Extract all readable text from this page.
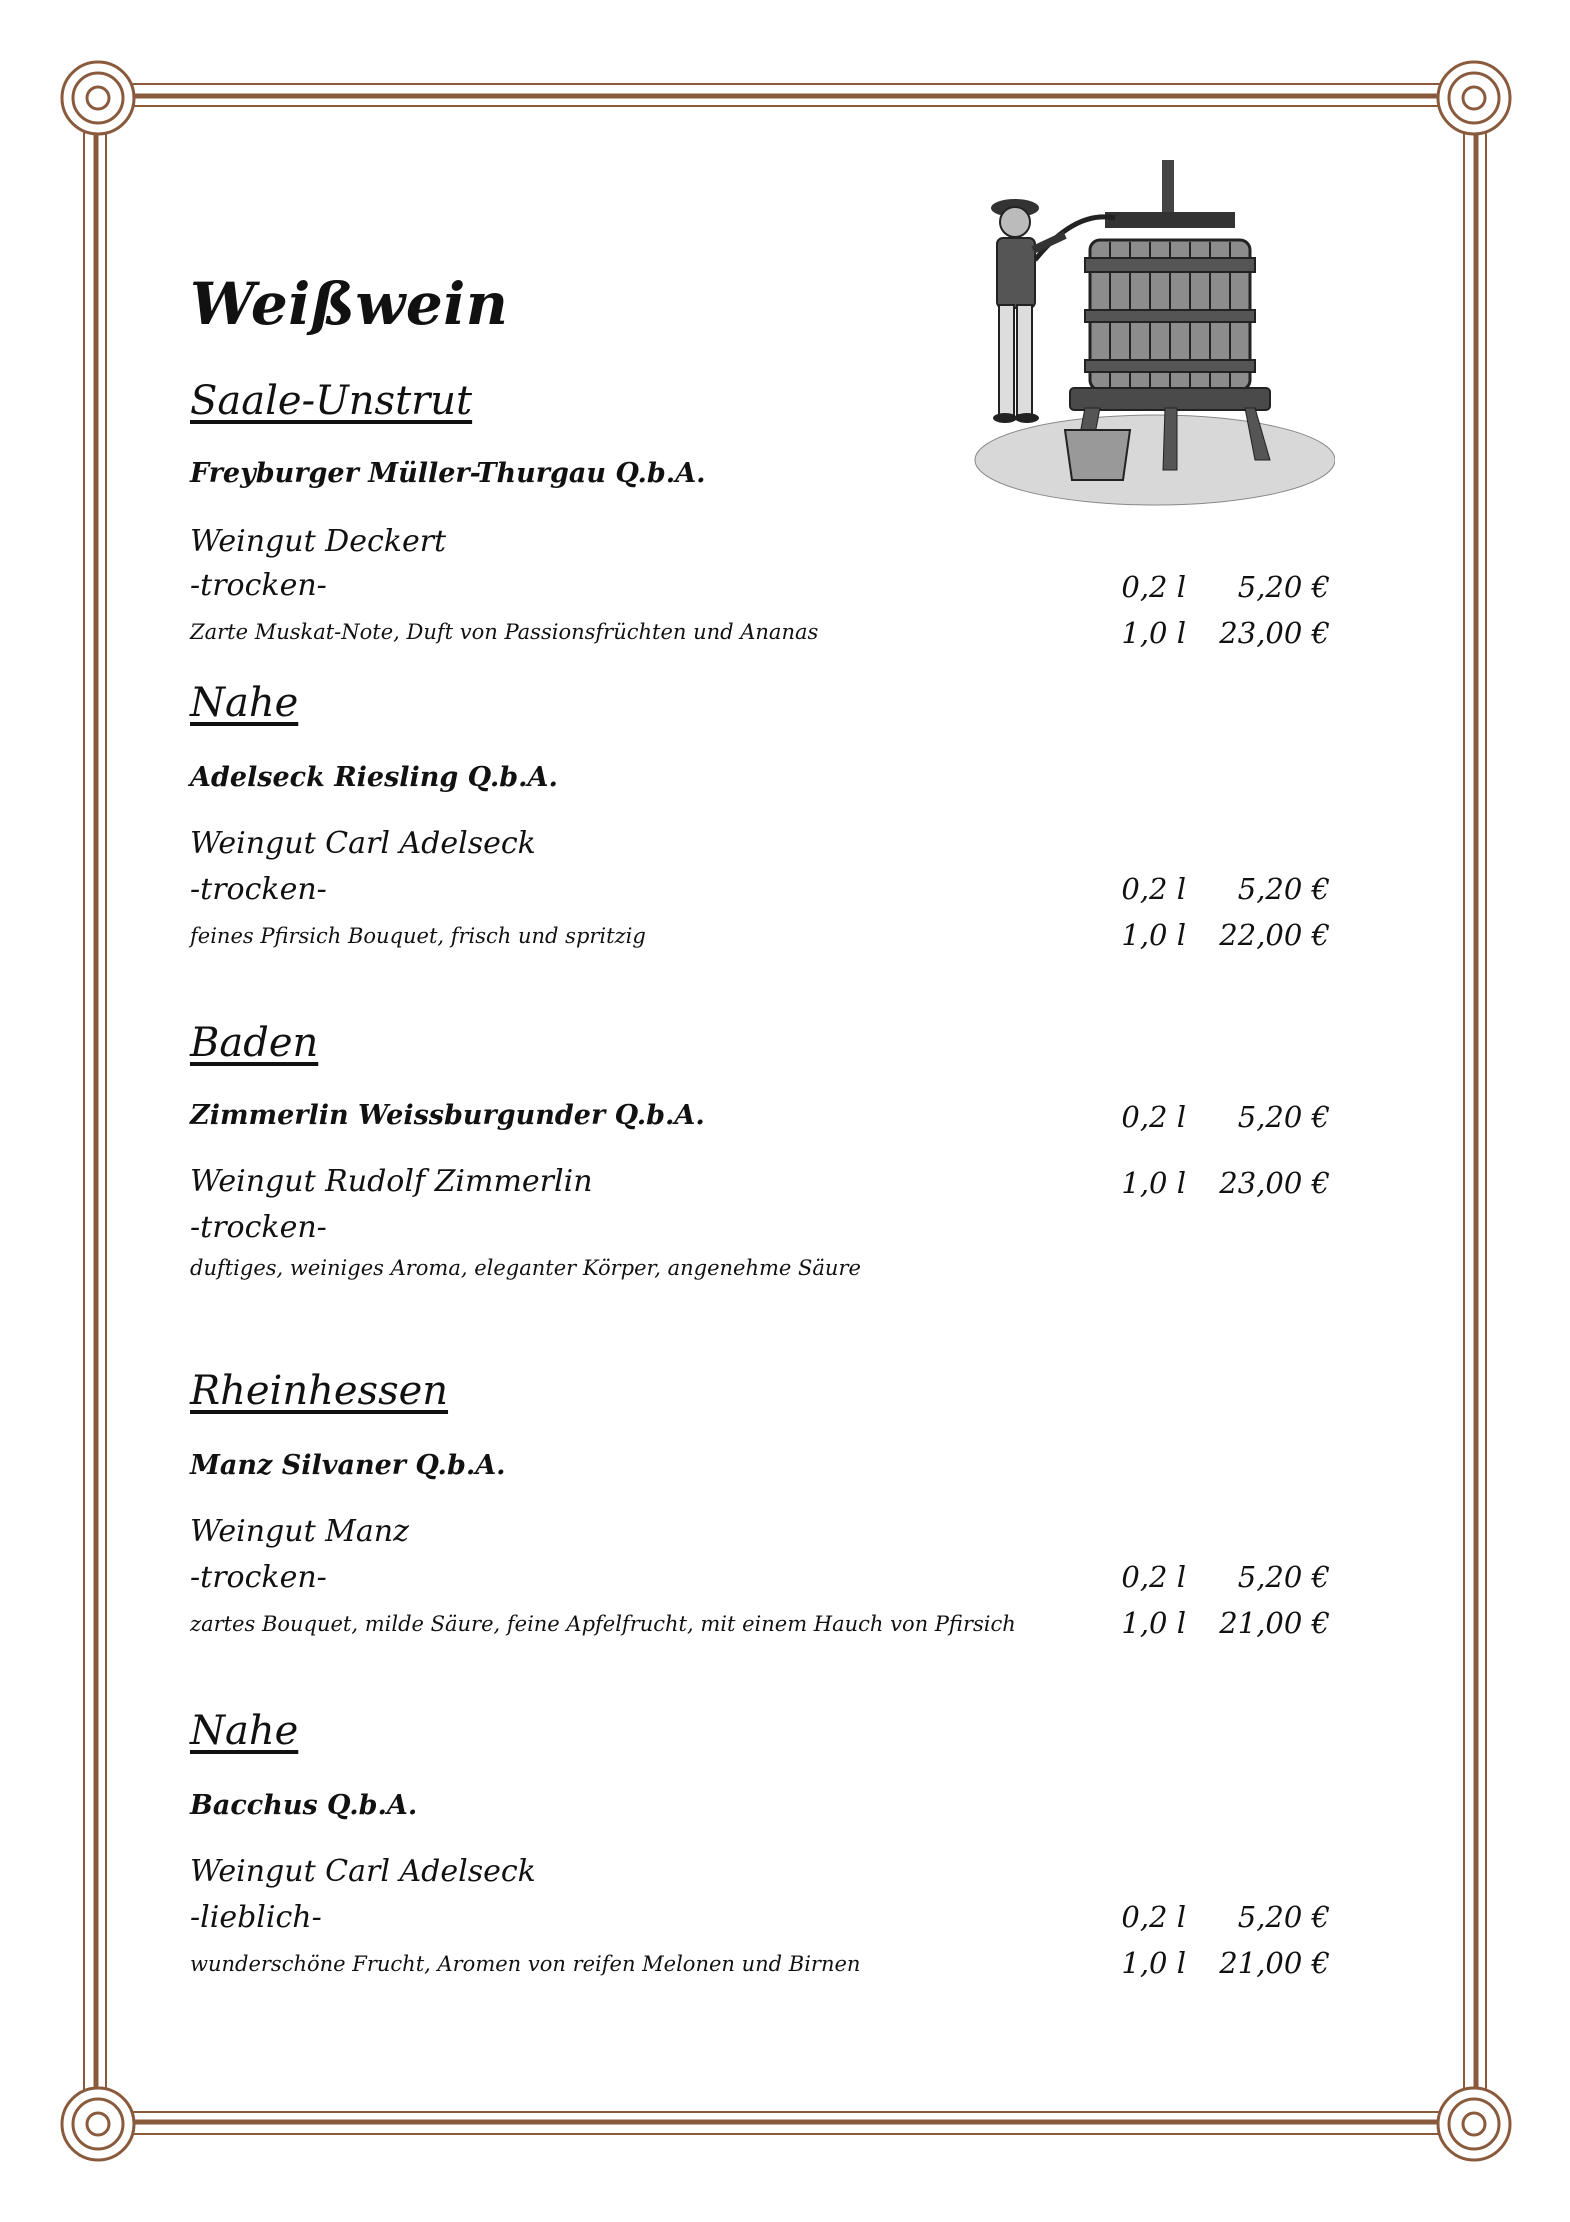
Weißwein
Saale-Unstrut

Freyburger Müller-Thurgau Q.b.A.

Weingut Deckert

-trocken-

Zarte Muskat-Note, Duft von Passionsfrüchten und Ananas

0,2 l	5,20 €

1,0 l	23,00 €

Nahe

Adelseck Riesling Q.b.A.

Weingut Carl Adelseck

-trocken-

feines Pfirsich Bouquet, frisch und spritzig

0,2 l	5,20 €

1,0 l	22,00 €

Baden

Zimmerlin Weissburgunder Q.b.A.

Weingut Rudolf Zimmerlin

-trocken-

duftiges, weiniges Aroma, eleganter Körper, angenehme Säure

0,2 l	5,20 €

1,0 l	23,00 €

Rheinhessen

Manz Silvaner Q.b.A.

Weingut Manz

-trocken-

zartes Bouquet, milde Säure, feine Apfelfrucht, mit einem Hauch von Pfirsich

0,2 l	5,20 €

1,0 l	21,00 €

Nahe

Bacchus Q.b.A.

Weingut Carl Adelseck

-lieblich-

wunderschöne Frucht, Aromen von reifen Melonen und Birnen

0,2 l	5,20 €

1,0 l	21,00 €
